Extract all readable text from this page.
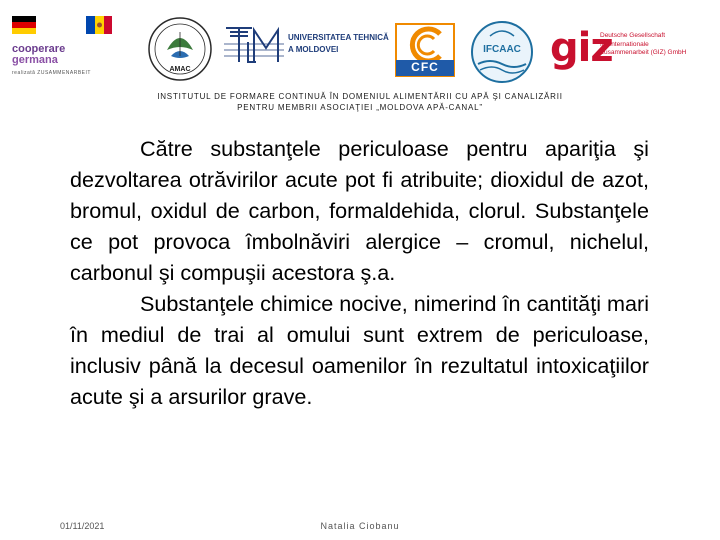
cooperare
germana
realizată ZUSAMMENARBEIT	AMAC
UNIVERSITATEA TEHNICĂ
A MOLDOVEI
CFC
IFCAAC giz
Deutsche Gesellschaft
für Internationale
Zusammenarbeit (GIZ) GmbH
INSTITUTUL DE FORMARE CONTINUĂ ÎN DOMENIUL ALIMENTĂRII CU APĂ ŞI CANALIZĂRII
PENTRU MEMBRII ASOCIAŢIEI „MOLDOVA APĂ-CANAL”

Către substanţele periculoase pentru apariţia şi dezvoltarea otrăvirilor acute pot fi atribuite; dioxidul de azot, bromul, oxidul de carbon, formaldehida, clorul. Substanţele ce pot provoca îmbolnăviri alergice – cromul, nichelul, carbonul şi compuşii acestora ş.a.

Substanţele chimice nocive, nimerind în cantităţi mari în mediul de trai al omului sunt extrem de periculoase, inclusiv până la decesul oamenilor în rezultatul intoxicaţiilor acute şi a arsurilor grave.

01/11/2021	Natalia Ciobanu
